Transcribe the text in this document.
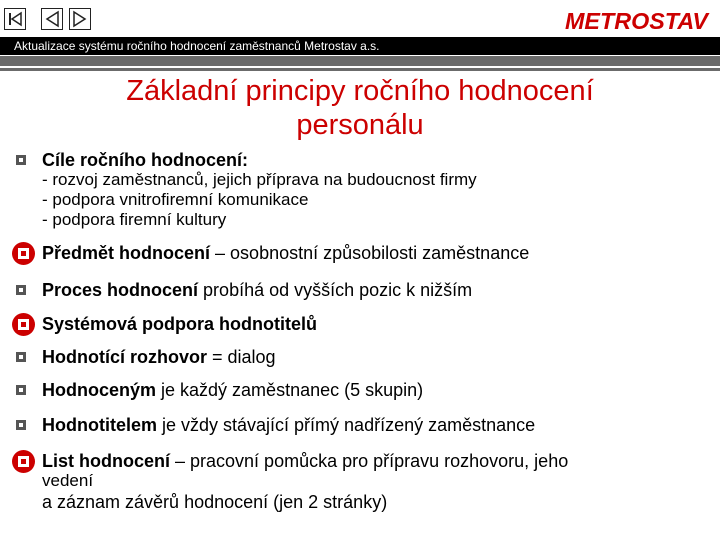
METROSTAV
Aktualizace systému ročního hodnocení zaměstnanců Metrostav a.s.
Základní principy ročního hodnocení
personálu
Cíle ročního hodnocení:
- rozvoj zaměstnanců, jejich příprava na budoucnost firmy
- podpora vnitrofiremní komunikace
- podpora firemní kultury
Předmět hodnocení – osobnostní způsobilosti zaměstnance
Proces hodnocení probíhá od vyšších pozic k nižším
Systémová podpora hodnotitelů
Hodnotící rozhovor = dialog
Hodnoceným je každý zaměstnanec (5 skupin)
Hodnotitelem je vždy stávající přímý nadřízený zaměstnance
List hodnocení – pracovní pomůcka pro přípravu rozhovoru, jeho
vedení
a záznam závěrů hodnocení (jen 2 stránky)
